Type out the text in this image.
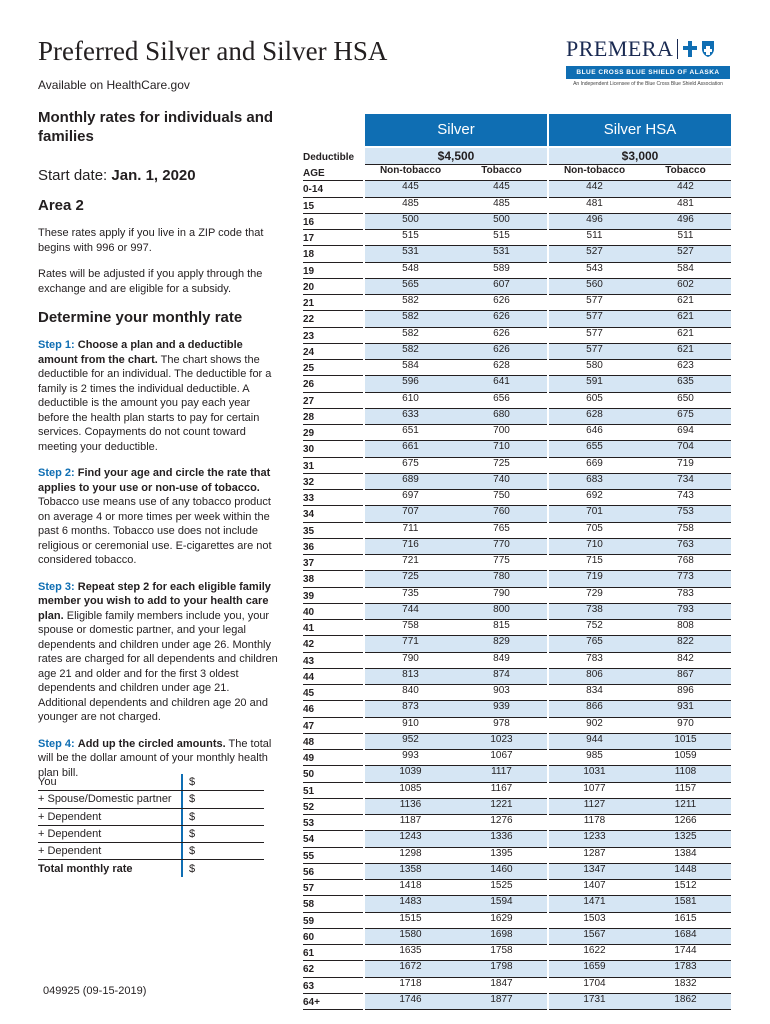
Preferred Silver and Silver HSA
Available on HealthCare.gov
PREMERA
BLUE CROSS BLUE SHIELD OF ALASKA
An Independent Licensee of the Blue Cross Blue Shield Association
Monthly rates for individuals and families
Start date: Jan. 1, 2020
Area 2
These rates apply if you live in a ZIP code that begins with 996 or 997.
Rates will be adjusted if you apply through the exchange and are eligible for a subsidy.
Determine your monthly rate
Step 1: Choose a plan and a deductible amount from the chart. The chart shows the deductible for an individual. The deductible for a family is 2 times the individual deductible. A deductible is the amount you pay each year before the health plan starts to pay for certain services. Copayments do not count toward meeting your deductible.
Step 2: Find your age and circle the rate that applies to your use or non-use of tobacco. Tobacco use means use of any tobacco product on average 4 or more times per week within the past 6 months. Tobacco use does not include religious or ceremonial use. E-cigarettes are not considered tobacco.
Step 3: Repeat step 2 for each eligible family member you wish to add to your health care plan. Eligible family members include you, your spouse or domestic partner, and your legal dependents and children under age 26. Monthly rates are charged for all dependents and children age 21 and older and for the first 3 oldest dependents and children under age 21. Additional dependents and children age 20 and younger are not charged.
Step 4: Add up the circled amounts. The total will be the dollar amount of your monthly health plan bill.
You	$
+ Spouse/Domestic partner	$
+ Dependent	$
+ Dependent	$
+ Dependent	$
Total monthly rate	$
049925 (09-15-2019)
Silver	Silver HSA
Deductible	$4,500	$3,000
AGE	Non-tobacco	Tobacco	Non-tobacco	Tobacco
0-14	445	445	442	442
15	485	485	481	481
16	500	500	496	496
17	515	515	511	511
18	531	531	527	527
19	548	589	543	584
20	565	607	560	602
21	582	626	577	621
22	582	626	577	621
23	582	626	577	621
24	582	626	577	621
25	584	628	580	623
26	596	641	591	635
27	610	656	605	650
28	633	680	628	675
29	651	700	646	694
30	661	710	655	704
31	675	725	669	719
32	689	740	683	734
33	697	750	692	743
34	707	760	701	753
35	711	765	705	758
36	716	770	710	763
37	721	775	715	768
38	725	780	719	773
39	735	790	729	783
40	744	800	738	793
41	758	815	752	808
42	771	829	765	822
43	790	849	783	842
44	813	874	806	867
45	840	903	834	896
46	873	939	866	931
47	910	978	902	970
48	952	1023	944	1015
49	993	1067	985	1059
50	1039	1117	1031	1108
51	1085	1167	1077	1157
52	1136	1221	1127	1211
53	1187	1276	1178	1266
54	1243	1336	1233	1325
55	1298	1395	1287	1384
56	1358	1460	1347	1448
57	1418	1525	1407	1512
58	1483	1594	1471	1581
59	1515	1629	1503	1615
60	1580	1698	1567	1684
61	1635	1758	1622	1744
62	1672	1798	1659	1783
63	1718	1847	1704	1832
64+	1746	1877	1731	1862
